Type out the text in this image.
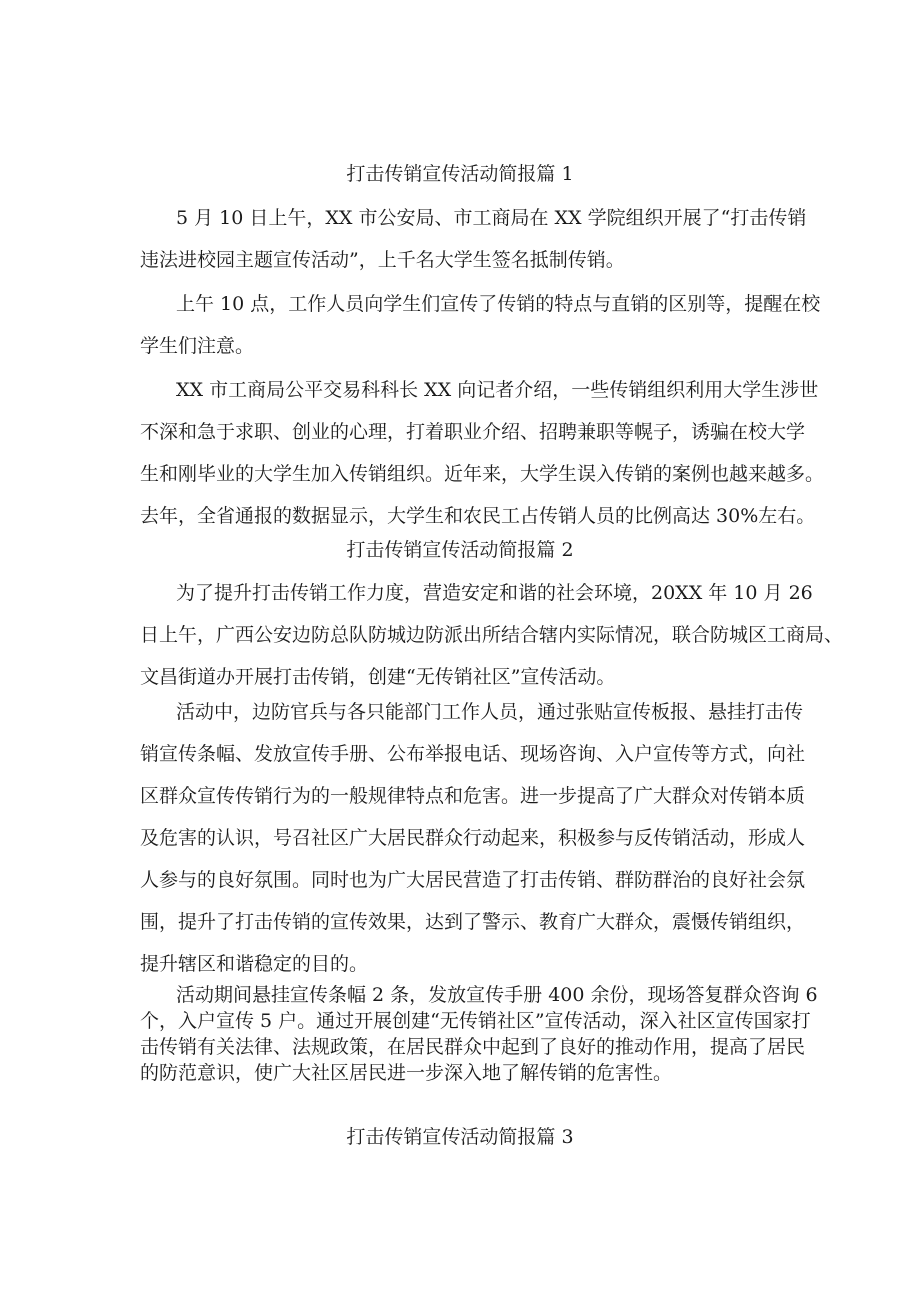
打击传销宣传活动简报篇 1
5 月 10 日上午，XX 市公安局、市工商局在 XX 学院组织开展了“打击传销
违法进校园主题宣传活动”，上千名大学生签名抵制传销。
上午 10 点，工作人员向学生们宣传了传销的特点与直销的区别等，提醒在校
学生们注意。
XX 市工商局公平交易科科长 XX 向记者介绍，一些传销组织利用大学生涉世
不深和急于求职、创业的心理，打着职业介绍、招聘兼职等幌子，诱骗在校大学
生和刚毕业的大学生加入传销组织。近年来，大学生误入传销的案例也越来越多。
去年，全省通报的数据显示，大学生和农民工占传销人员的比例高达 30%左右。
打击传销宣传活动简报篇 2
为了提升打击传销工作力度，营造安定和谐的社会环境，20XX 年 10 月 26
日上午，广西公安边防总队防城边防派出所结合辖内实际情况，联合防城区工商局、
文昌街道办开展打击传销，创建“无传销社区”宣传活动。
活动中，边防官兵与各只能部门工作人员，通过张贴宣传板报、悬挂打击传
销宣传条幅、发放宣传手册、公布举报电话、现场咨询、入户宣传等方式，向社
区群众宣传传销行为的一般规律特点和危害。进一步提高了广大群众对传销本质
及危害的认识，号召社区广大居民群众行动起来，积极参与反传销活动，形成人
人参与的良好氛围。同时也为广大居民营造了打击传销、群防群治的良好社会氛
围，提升了打击传销的宣传效果，达到了警示、教育广大群众，震慑传销组织，
提升辖区和谐稳定的目的。
活动期间悬挂宣传条幅 2 条，发放宣传手册 400 余份，现场答复群众咨询 6
个，入户宣传 5 户。通过开展创建“无传销社区”宣传活动，深入社区宣传国家打
击传销有关法律、法规政策，在居民群众中起到了良好的推动作用，提高了居民
的防范意识，使广大社区居民进一步深入地了解传销的危害性。
打击传销宣传活动简报篇 3
